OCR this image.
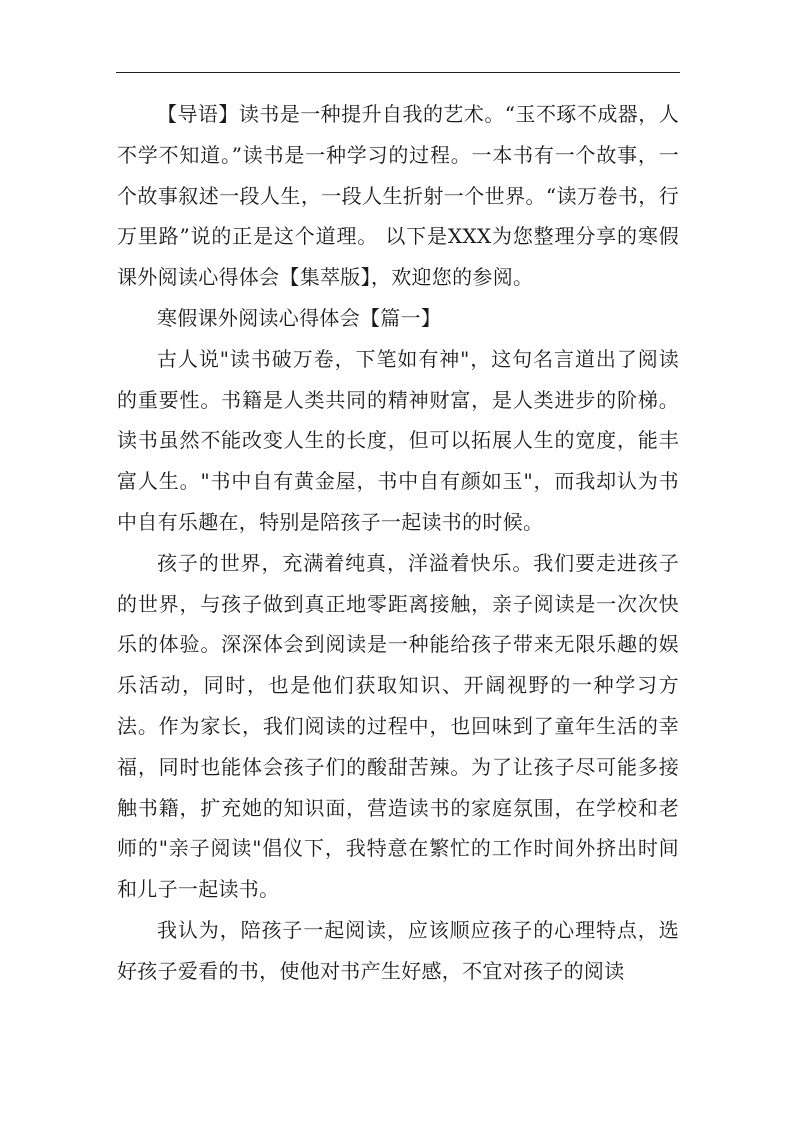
【导语】读书是一种提升自我的艺术。“玉不琢不成器，人不学不知道。”读书是一种学习的过程。一本书有一个故事，一个故事叙述一段人生，一段人生折射一个世界。“读万卷书，行万里路”说的正是这个道理。 以下是XXX为您整理分享的寒假课外阅读心得体会【集萃版】，欢迎您的参阅。

寒假课外阅读心得体会【篇一】

古人说"读书破万卷，下笔如有神"，这句名言道出了阅读的重要性。书籍是人类共同的精神财富，是人类进步的阶梯。读书虽然不能改变人生的长度，但可以拓展人生的宽度，能丰富人生。"书中自有黄金屋，书中自有颜如玉"，而我却认为书中自有乐趣在，特别是陪孩子一起读书的时候。

孩子的世界，充满着纯真，洋溢着快乐。我们要走进孩子的世界，与孩子做到真正地零距离接触，亲子阅读是一次次快乐的体验。深深体会到阅读是一种能给孩子带来无限乐趣的娱乐活动，同时，也是他们获取知识、开阔视野的一种学习方法。作为家长，我们阅读的过程中，也回味到了童年生活的幸福，同时也能体会孩子们的酸甜苦辣。为了让孩子尽可能多接触书籍，扩充她的知识面，营造读书的家庭氛围，在学校和老师的"亲子阅读"倡仪下，我特意在繁忙的工作时间外挤出时间和儿子一起读书。

我认为，陪孩子一起阅读，应该顺应孩子的心理特点，选好孩子爱看的书，使他对书产生好感，不宜对孩子的阅读
